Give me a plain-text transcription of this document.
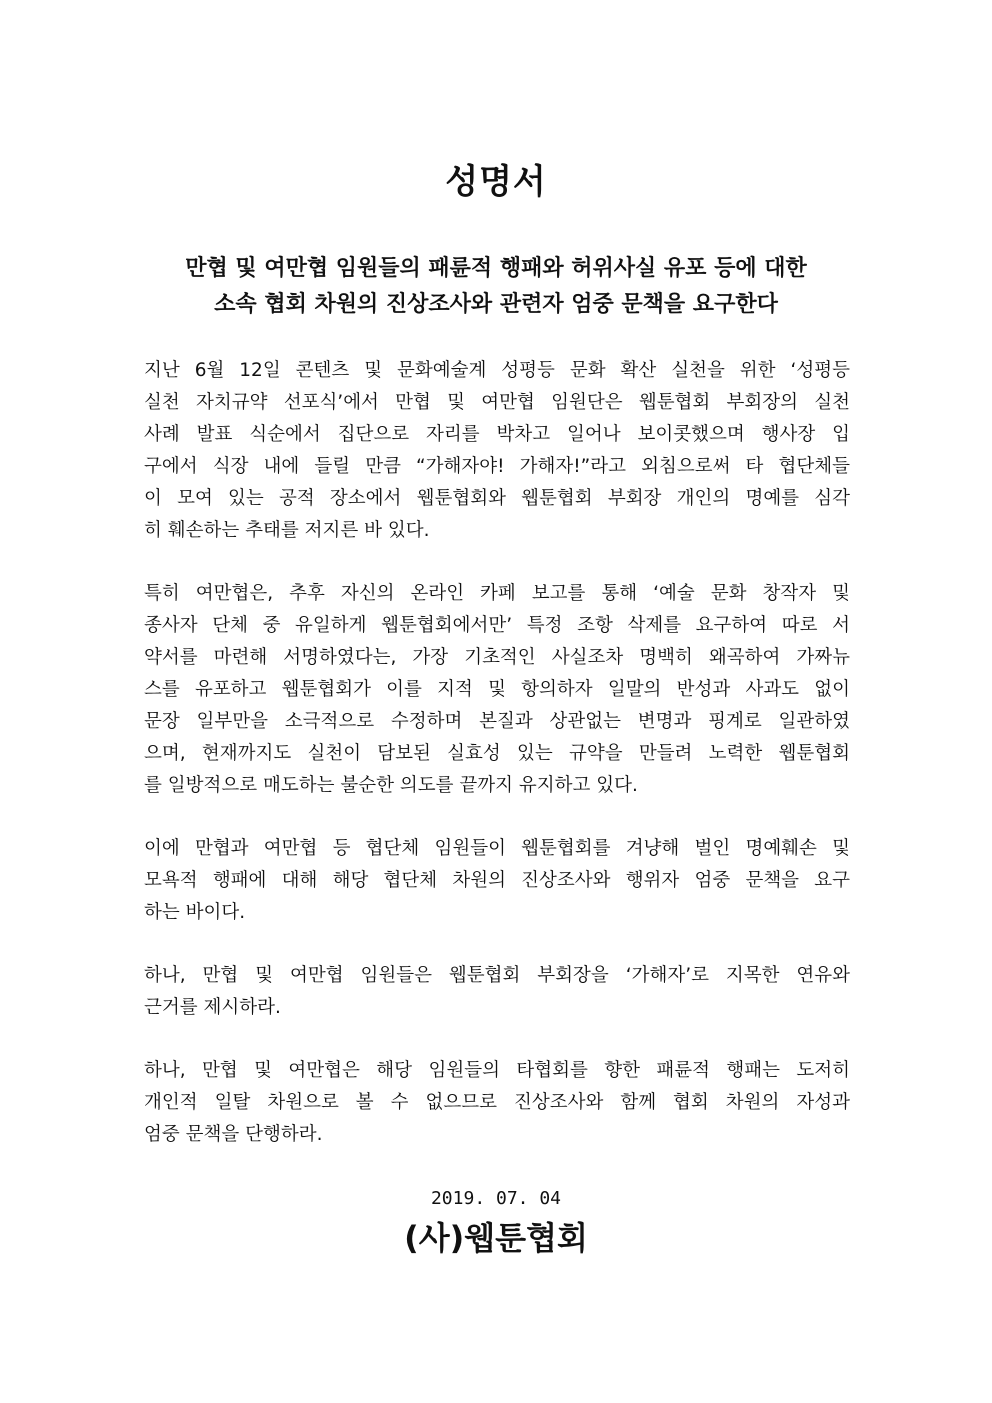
성명서
만협 및 여만협 임원들의 패륜적 행패와 허위사실 유포 등에 대한
소속 협회 차원의 진상조사와 관련자 엄중 문책을 요구한다

지난 6월 12일 콘텐츠 및 문화예술계 성평등 문화 확산 실천을 위한 ‘성평등
실천 자치규약 선포식’에서 만협 및 여만협 임원단은 웹툰협회 부회장의 실천
사례 발표 식순에서 집단으로 자리를 박차고 일어나 보이콧했으며 행사장 입
구에서 식장 내에 들릴 만큼 “가해자야! 가해자!”라고 외침으로써 타 협단체들
이 모여 있는 공적 장소에서 웹툰협회와 웹툰협회 부회장 개인의 명예를 심각
히 훼손하는 추태를 저지른 바 있다.

특히 여만협은, 추후 자신의 온라인 카페 보고를 통해 ‘예술 문화 창작자 및
종사자 단체 중 유일하게 웹툰협회에서만’ 특정 조항 삭제를 요구하여 따로 서
약서를 마련해 서명하였다는, 가장 기초적인 사실조차 명백히 왜곡하여 가짜뉴
스를 유포하고 웹툰협회가 이를 지적 및 항의하자 일말의 반성과 사과도 없이
문장 일부만을 소극적으로 수정하며 본질과 상관없는 변명과 핑계로 일관하였
으며, 현재까지도 실천이 담보된 실효성 있는 규약을 만들려 노력한 웹툰협회
를 일방적으로 매도하는 불순한 의도를 끝까지 유지하고 있다.

이에 만협과 여만협 등 협단체 임원들이 웹툰협회를 겨냥해 벌인 명예훼손 및
모욕적 행패에 대해 해당 협단체 차원의 진상조사와 행위자 엄중 문책을 요구
하는 바이다.

하나, 만협 및 여만협 임원들은 웹툰협회 부회장을 ‘가해자’로 지목한 연유와
근거를 제시하라.

하나, 만협 및 여만협은 해당 임원들의 타협회를 향한 패륜적 행패는 도저히
개인적 일탈 차원으로 볼 수 없으므로 진상조사와 함께 협회 차원의 자성과
엄중 문책을 단행하라.

2019. 07. 04
(사)웹툰협회
